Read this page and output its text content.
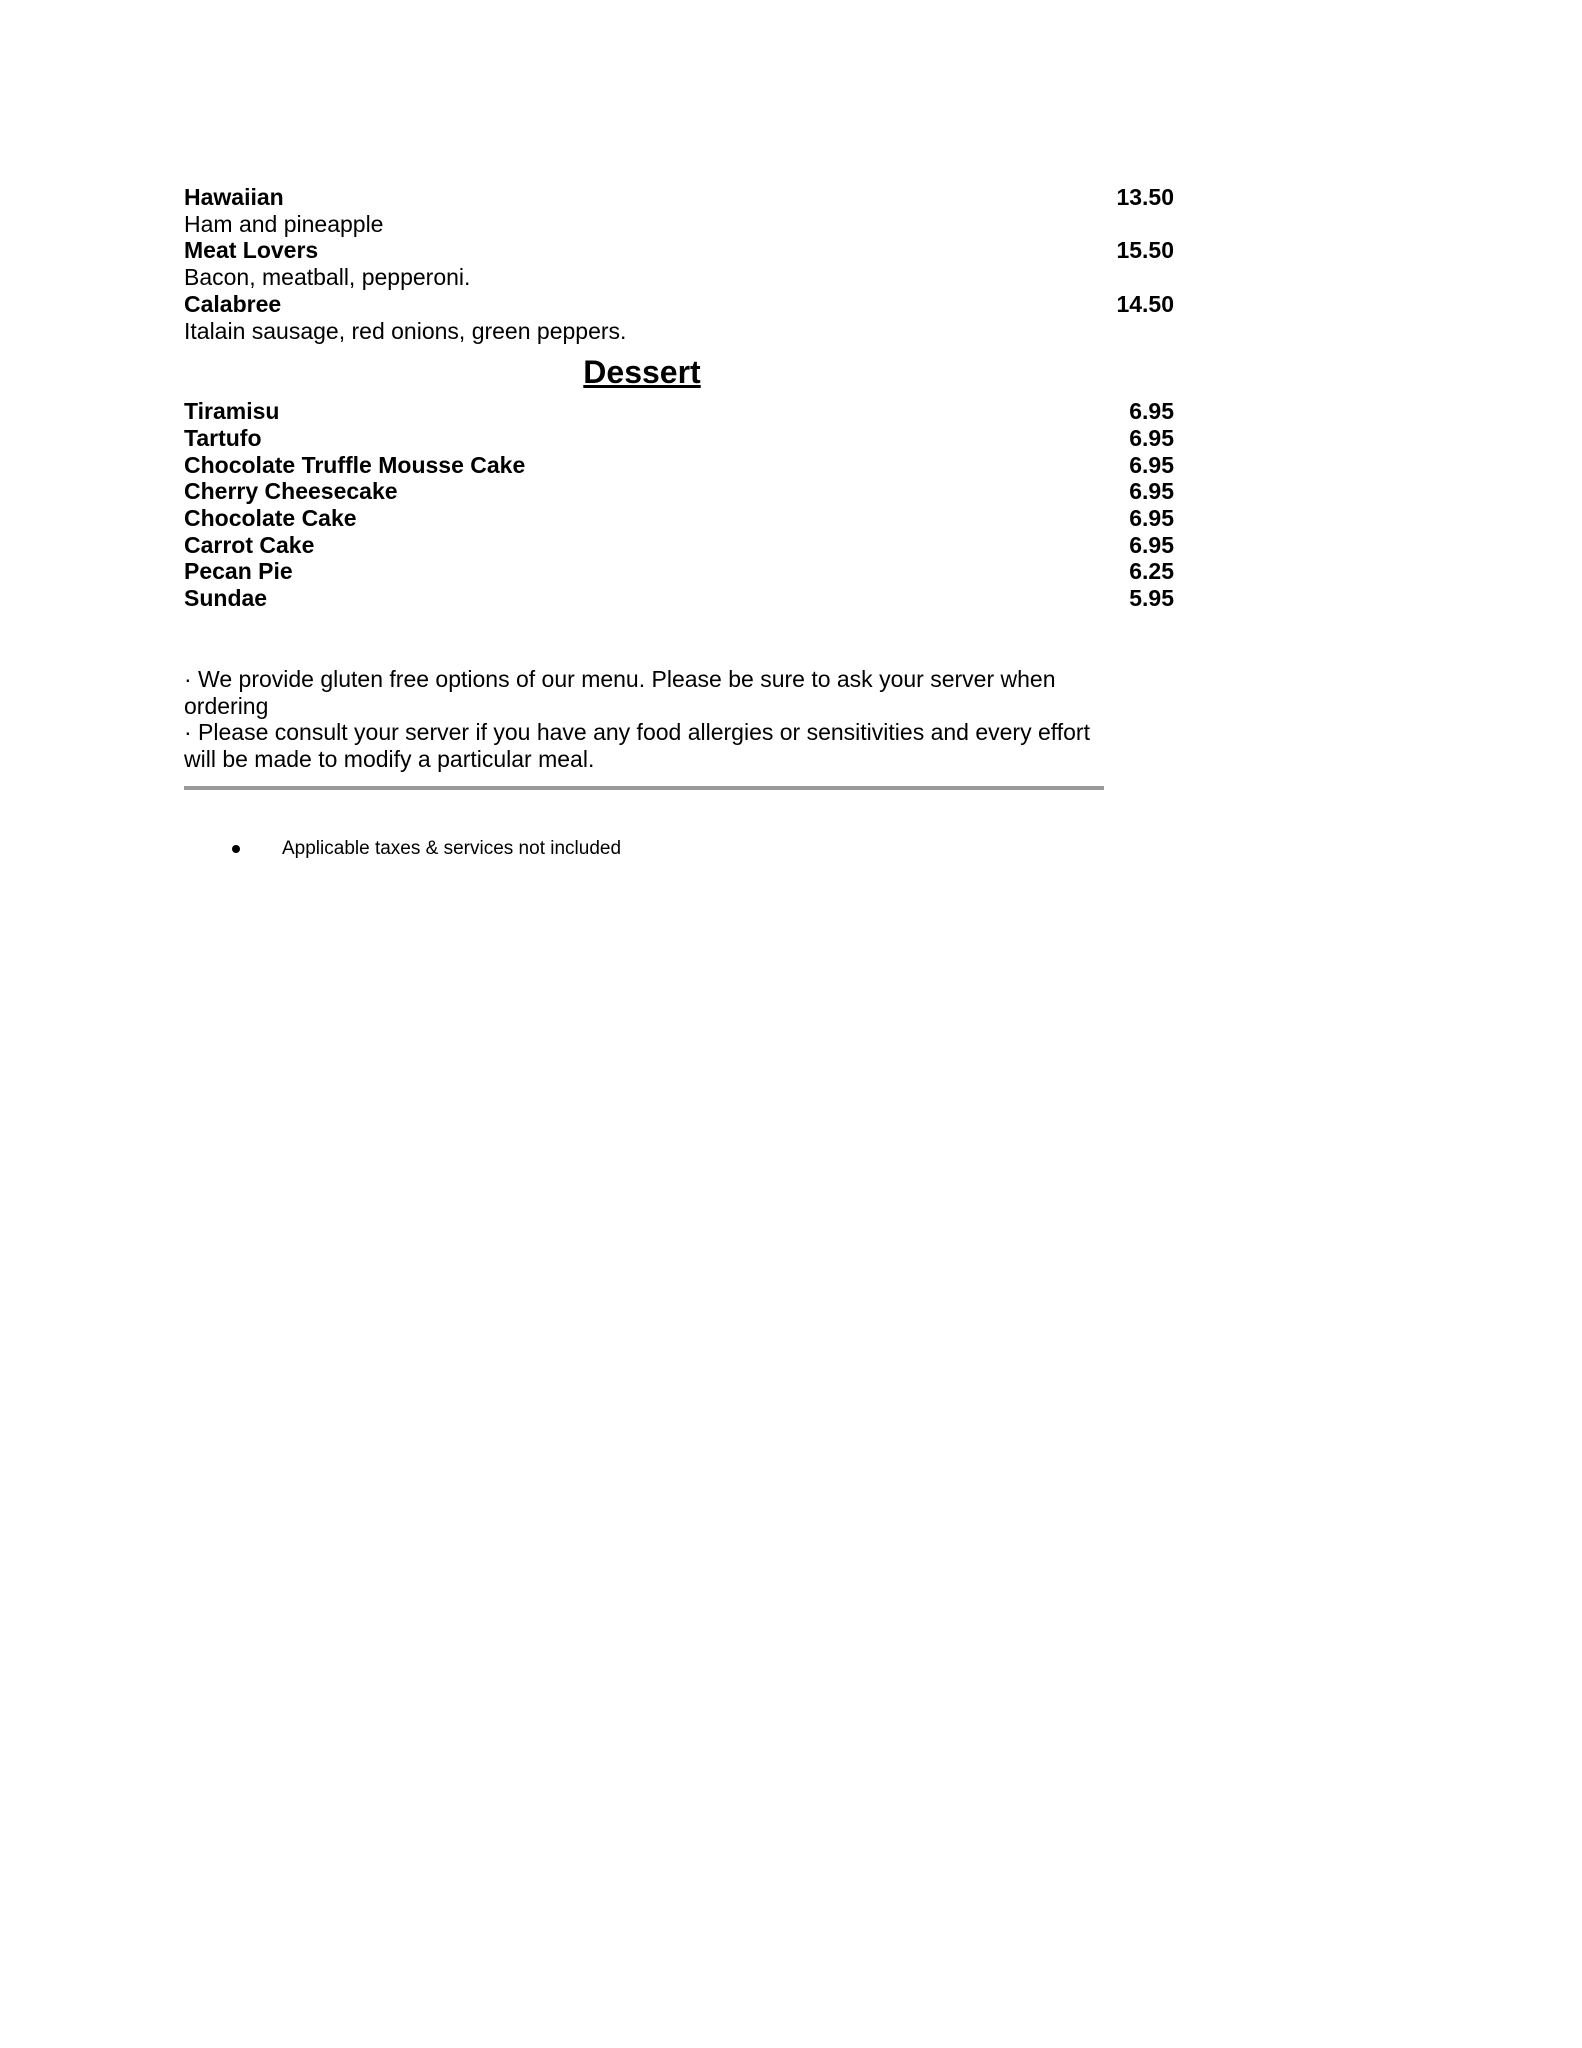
Hawaiian	13.50
Ham and pineapple
Meat Lovers	15.50
Bacon, meatball, pepperoni.
Calabree	14.50
Italain sausage, red onions, green peppers.
Dessert
Tiramisu	6.95
Tartufo	6.95
Chocolate Truffle Mousse Cake	6.95
Cherry Cheesecake	6.95
Chocolate Cake	6.95
Carrot Cake	6.95
Pecan Pie	6.25
Sundae	5.95

· We provide gluten free options of our menu. Please be sure to ask your server when ordering

· Please consult your server if you have any food allergies or sensitivities and every effort will be made to modify a particular meal.

Applicable taxes & services not included
